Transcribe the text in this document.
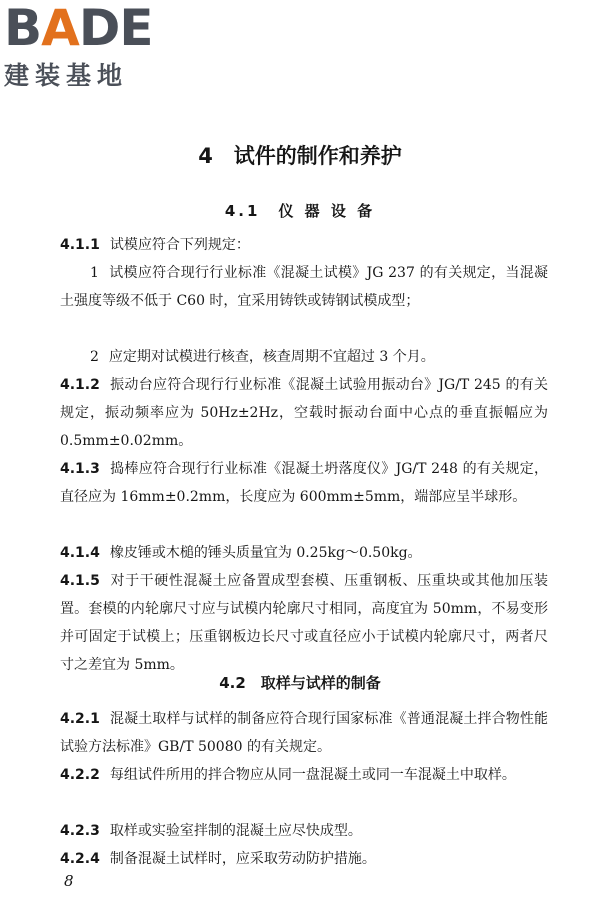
BADE
建装基地
4　试件的制作和养护
4.1　仪 器 设 备
4.1.1 试模应符合下列规定：
1 试模应符合现行行业标准《混凝土试模》JG 237 的有关规定，当混凝土强度等级不低于 C60 时，宜采用铸铁或铸钢试模成型；
2 应定期对试模进行核查，核查周期不宜超过 3 个月。
4.1.2 振动台应符合现行行业标准《混凝土试验用振动台》JG/T 245 的有关规定，振动频率应为 50Hz±2Hz，空载时振动台面中心点的垂直振幅应为 0.5mm±0.02mm。
4.1.3 捣棒应符合现行行业标准《混凝土坍落度仪》JG/T 248 的有关规定，直径应为 16mm±0.2mm，长度应为 600mm±5mm，端部应呈半球形。
4.1.4 橡皮锤或木槌的锤头质量宜为 0.25kg～0.50kg。
4.1.5 对于干硬性混凝土应备置成型套模、压重钢板、压重块或其他加压装置。套模的内轮廓尺寸应与试模内轮廓尺寸相同，高度宜为 50mm，不易变形并可固定于试模上；压重钢板边长尺寸或直径应小于试模内轮廓尺寸，两者尺寸之差宜为 5mm。
4.2　取样与试样的制备
4.2.1 混凝土取样与试样的制备应符合现行国家标准《普通混凝土拌合物性能试验方法标准》GB/T 50080 的有关规定。
4.2.2 每组试件所用的拌合物应从同一盘混凝土或同一车混凝土中取样。
4.2.3 取样或实验室拌制的混凝土应尽快成型。
4.2.4 制备混凝土试样时，应采取劳动防护措施。
8
